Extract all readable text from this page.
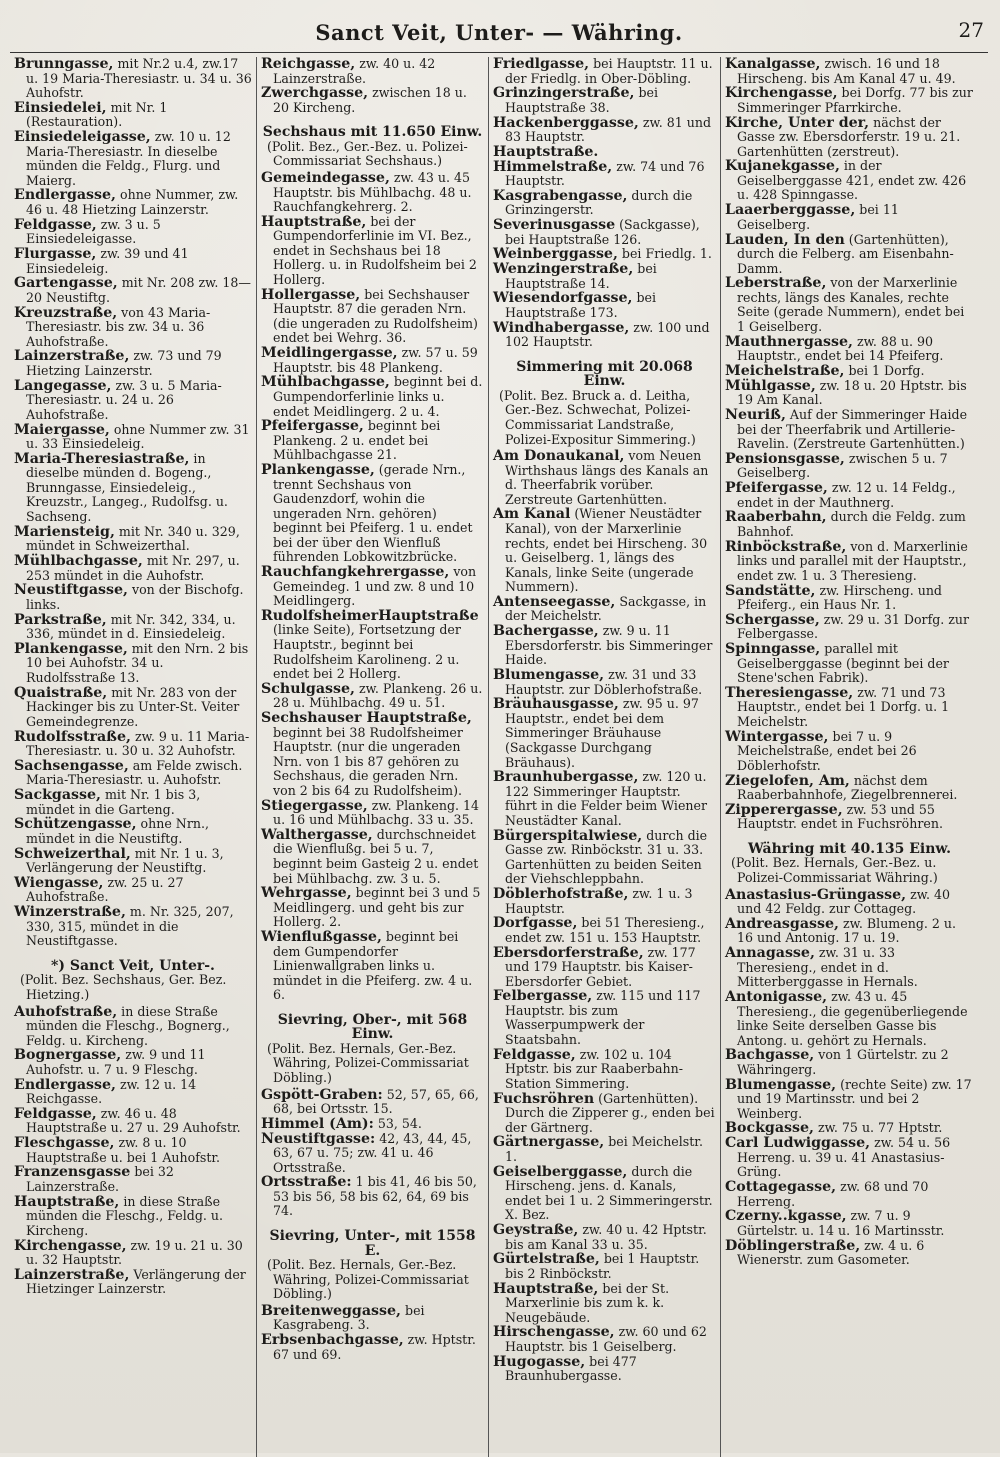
Sanct Veit, Unter- — Währing.	27
Brunngasse, mit Nr.2 u.4, zw.17 u. 19 Maria-Theresiastr. u. 34 u. 36 Auhofstr.
Einsiedelei, mit Nr. 1 (Restauration).
Einsiedeleigasse, zw. 10 u. 12 Maria-Theresiastr. In dieselbe münden die Feldg., Flurg. und Maierg.
Endlergasse, ohne Nummer, zw. 46 u. 48 Hietzing Lainzerstr.
Feldgasse, zw. 3 u. 5 Einsiedeleigasse.
Flurgasse, zw. 39 und 41 Einsiedeleig.
Gartengasse, mit Nr. 208 zw. 18—20 Neustiftg.
Kreuzstraße, von 43 Maria-Theresiastr. bis zw. 34 u. 36 Auhofstraße.
Lainzerstraße, zw. 73 und 79 Hietzing Lainzerstr.
Langegasse, zw. 3 u. 5 Maria-Theresiastr. u. 24 u. 26 Auhofstraße.
Maiergasse, ohne Nummer zw. 31 u. 33 Einsiedeleig.
Maria-Theresiastraße, in dieselbe münden d. Bogeng., Brunngasse, Einsiedeleig., Kreuzstr., Langeg., Rudolfsg. u. Sachseng.
Mariensteig, mit Nr. 340 u. 329, mündet in Schweizerthal.
Mühlbachgasse, mit Nr. 297, u. 253 mündet in die Auhofstr.
Neustiftgasse, von der Bischofg. links.
Parkstraße, mit Nr. 342, 334, u. 336, mündet in d. Einsiedeleig.
Plankengasse, mit den Nrn. 2 bis 10 bei Auhofstr. 34 u. Rudolfsstraße 13.
Quaistraße, mit Nr. 283 von der Hackinger bis zu Unter-St. Veiter Gemeindegrenze.
Rudolfsstraße, zw. 9 u. 11 Maria-Theresiastr. u. 30 u. 32 Auhofstr.
Sachsengasse, am Felde zwisch. Maria-Theresiastr. u. Auhofstr.
Sackgasse, mit Nr. 1 bis 3, mündet in die Garteng.
Schützengasse, ohne Nrn., mündet in die Neustiftg.
Schweizerthal, mit Nr. 1 u. 3, Verlängerung der Neustiftg.
Wiengasse, zw. 25 u. 27 Auhofstraße.
Winzerstraße, m. Nr. 325, 207, 330, 315, mündet in die Neustiftgasse.
*) Sanct Veit, Unter-.
(Polit. Bez. Sechshaus, Ger. Bez. Hietzing.)
Auhofstraße, in diese Straße münden die Fleschg., Bognerg., Feldg. u. Kircheng.
Bognergasse, zw. 9 und 11 Auhofstr. u. 7 u. 9 Fleschg.
Endlergasse, zw. 12 u. 14 Reichgasse.
Feldgasse, zw. 46 u. 48 Hauptstraße u. 27 u. 29 Auhofstr.
Fleschgasse, zw. 8 u. 10 Hauptstraße u. bei 1 Auhofstr.
Franzensgasse bei 32 Lainzerstraße.
Hauptstraße, in diese Straße münden die Fleschg., Feldg. u. Kircheng.
Kirchengasse, zw. 19 u. 21 u. 30 u. 32 Hauptstr.
Lainzerstraße, Verlängerung der Hietzinger Lainzerstr.
Reichgasse, zw. 40 u. 42 Lainzerstraße.
Zwerchgasse, zwischen 18 u. 20 Kircheng.
Sechshaus mit 11.650 Einw.
(Polit. Bez., Ger.-Bez. u. Polizei-Commissariat Sechshaus.)
Gemeindegasse, zw. 43 u. 45 Hauptstr. bis Mühlbachg. 48 u. Rauchfangkehrerg. 2.
Hauptstraße, bei der Gumpendorferlinie im VI. Bez., endet in Sechshaus bei 18 Hollerg. u. in Rudolfsheim bei 2 Hollerg.
Hollergasse, bei Sechshauser Hauptstr. 87 die geraden Nrn. (die ungeraden zu Rudolfsheim) endet bei Wehrg. 36.
Meidlingergasse, zw. 57 u. 59 Hauptstr. bis 48 Plankeng.
Mühlbachgasse, beginnt bei d. Gumpendorferlinie links u. endet Meidlingerg. 2 u. 4.
Pfeifergasse, beginnt bei Plankeng. 2 u. endet bei Mühlbachgasse 21.
Plankengasse, (gerade Nrn., trennt Sechshaus von Gaudenzdorf, wohin die ungeraden Nrn. gehören) beginnt bei Pfeiferg. 1 u. endet bei der über den Wienfluß führenden Lobkowitzbrücke.
Rauchfangkehrergasse, von Gemeindeg. 1 und zw. 8 und 10 Meidlingerg.
RudolfsheimerHauptstraße (linke Seite), Fortsetzung der Hauptstr., beginnt bei Rudolfsheim Karolineng. 2 u. endet bei 2 Hollerg.
Schulgasse, zw. Plankeng. 26 u. 28 u. Mühlbachg. 49 u. 51.
Sechshauser Hauptstraße, beginnt bei 38 Rudolfsheimer Hauptstr. (nur die ungeraden Nrn. von 1 bis 87 gehören zu Sechshaus, die geraden Nrn. von 2 bis 64 zu Rudolfsheim).
Stiegergasse, zw. Plankeng. 14 u. 16 und Mühlbachg. 33 u. 35.
Walthergasse, durchschneidet die Wienflußg. bei 5 u. 7, beginnt beim Gasteig 2 u. endet bei Mühlbachg. zw. 3 u. 5.
Wehrgasse, beginnt bei 3 und 5 Meidlingerg. und geht bis zur Hollerg. 2.
Wienflußgasse, beginnt bei dem Gumpendorfer Linienwallgraben links u. mündet in die Pfeiferg. zw. 4 u. 6.
Sievring, Ober-, mit 568 Einw.
(Polit. Bez. Hernals, Ger.-Bez. Währing, Polizei-Commissariat Döbling.)
Gspött-Graben: 52, 57, 65, 66, 68, bei Ortsstr. 15.
Himmel (Am): 53, 54.
Neustiftgasse: 42, 43, 44, 45, 63, 67 u. 75; zw. 41 u. 46 Ortsstraße.
Ortsstraße: 1 bis 41, 46 bis 50, 53 bis 56, 58 bis 62, 64, 69 bis 74.
Sievring, Unter-, mit 1558 E.
(Polit. Bez. Hernals, Ger.-Bez. Währing, Polizei-Commissariat Döbling.)
Breitenweggasse, bei Kasgrabeng. 3.
Erbsenbachgasse, zw. Hptstr. 67 und 69.
Friedlgasse, bei Hauptstr. 11 u. der Friedlg. in Ober-Döbling.
Grinzingerstraße, bei Hauptstraße 38.
Hackenberggasse, zw. 81 und 83 Hauptstr.
Hauptstraße.
Himmelstraße, zw. 74 und 76 Hauptstr.
Kasgrabengasse, durch die Grinzingerstr.
Severinusgasse (Sackgasse), bei Hauptstraße 126.
Weinberggasse, bei Friedlg. 1.
Wenzingerstraße, bei Hauptstraße 14.
Wiesendorfgasse, bei Hauptstraße 173.
Windhabergasse, zw. 100 und 102 Hauptstr.
Simmering mit 20.068 Einw.
(Polit. Bez. Bruck a. d. Leitha, Ger.-Bez. Schwechat, Polizei-Commissariat Landstraße, Polizei-Expositur Simmering.)
Am Donaukanal, vom Neuen Wirthshaus längs des Kanals an d. Theerfabrik vorüber. Zerstreute Gartenhütten.
Am Kanal (Wiener Neustädter Kanal), von der Marxerlinie rechts, endet bei Hirscheng. 30 u. Geiselberg. 1, längs des Kanals, linke Seite (ungerade Nummern).
Antenseegasse, Sackgasse, in der Meichelstr.
Bachergasse, zw. 9 u. 11 Ebersdorferstr. bis Simmeringer Haide.
Blumengasse, zw. 31 und 33 Hauptstr. zur Döblerhofstraße.
Bräuhausgasse, zw. 95 u. 97 Hauptstr., endet bei dem Simmeringer Bräuhause (Sackgasse Durchgang Bräuhaus).
Braunhubergasse, zw. 120 u. 122 Simmeringer Hauptstr. führt in die Felder beim Wiener Neustädter Kanal.
Bürgerspitalwiese, durch die Gasse zw. Rinböckstr. 31 u. 33. Gartenhütten zu beiden Seiten der Viehschleppbahn.
Döblerhofstraße, zw. 1 u. 3 Hauptstr.
Dorfgasse, bei 51 Theresieng., endet zw. 151 u. 153 Hauptstr.
Ebersdorferstraße, zw. 177 und 179 Hauptstr. bis Kaiser-Ebersdorfer Gebiet.
Felbergasse, zw. 115 und 117 Hauptstr. bis zum Wasserpumpwerk der Staatsbahn.
Feldgasse, zw. 102 u. 104 Hptstr. bis zur Raaberbahn-Station Simmering.
Fuchsröhren (Gartenhütten). Durch die Zipperer g., enden bei der Gärtnerg.
Gärtnergasse, bei Meichelstr. 1.
Geiselberggasse, durch die Hirscheng. jens. d. Kanals, endet bei 1 u. 2 Simmeringerstr. X. Bez.
Geystraße, zw. 40 u. 42 Hptstr. bis am Kanal 33 u. 35.
Gürtelstraße, bei 1 Hauptstr. bis 2 Rinböckstr.
Hauptstraße, bei der St. Marxerlinie bis zum k. k. Neugebäude.
Hirschengasse, zw. 60 und 62 Hauptstr. bis 1 Geiselberg.
Hugogasse, bei 477 Braunhubergasse.
Kanalgasse, zwisch. 16 und 18 Hirscheng. bis Am Kanal 47 u. 49.
Kirchengasse, bei Dorfg. 77 bis zur Simmeringer Pfarrkirche.
Kirche, Unter der, nächst der Gasse zw. Ebersdorferstr. 19 u. 21. Gartenhütten (zerstreut).
Kujanekgasse, in der Geiselberggasse 421, endet zw. 426 u. 428 Spinngasse.
Laaerberggasse, bei 11 Geiselberg.
Lauden, In den (Gartenhütten), durch die Felberg. am Eisenbahn-Damm.
Leberstraße, von der Marxerlinie rechts, längs des Kanales, rechte Seite (gerade Nummern), endet bei 1 Geiselberg.
Mauthnergasse, zw. 88 u. 90 Hauptstr., endet bei 14 Pfeiferg.
Meichelstraße, bei 1 Dorfg.
Mühlgasse, zw. 18 u. 20 Hptstr. bis 19 Am Kanal.
Neuriß, Auf der Simmeringer Haide bei der Theerfabrik und Artillerie-Ravelin. (Zerstreute Gartenhütten.)
Pensionsgasse, zwischen 5 u. 7 Geiselberg.
Pfeifergasse, zw. 12 u. 14 Feldg., endet in der Mauthnerg.
Raaberbahn, durch die Feldg. zum Bahnhof.
Rinböckstraße, von d. Marxerlinie links und parallel mit der Hauptstr., endet zw. 1 u. 3 Theresieng.
Sandstätte, zw. Hirscheng. und Pfeiferg., ein Haus Nr. 1.
Schergasse, zw. 29 u. 31 Dorfg. zur Felbergasse.
Spinngasse, parallel mit Geiselberggasse (beginnt bei der Stene'schen Fabrik).
Theresiengasse, zw. 71 und 73 Hauptstr., endet bei 1 Dorfg. u. 1 Meichelstr.
Wintergasse, bei 7 u. 9 Meichelstraße, endet bei 26 Döblerhofstr.
Ziegelofen, Am, nächst dem Raaberbahnhofe, Ziegelbrennerei.
Zipperergasse, zw. 53 und 55 Hauptstr. endet in Fuchsröhren.
Währing mit 40.135 Einw.
(Polit. Bez. Hernals, Ger.-Bez. u. Polizei-Commissariat Währing.)
Anastasius-Grüngasse, zw. 40 und 42 Feldg. zur Cottageg.
Andreasgasse, zw. Blumeng. 2 u. 16 und Antonig. 17 u. 19.
Annagasse, zw. 31 u. 33 Theresieng., endet in d. Mitterberggasse in Hernals.
Antonigasse, zw. 43 u. 45 Theresieng., die gegenüberliegende linke Seite derselben Gasse bis Antong. u. gehört zu Hernals.
Bachgasse, von 1 Gürtelstr. zu 2 Währingerg.
Blumengasse, (rechte Seite) zw. 17 und 19 Martinsstr. und bei 2 Weinberg.
Bockgasse, zw. 75 u. 77 Hptstr.
Carl Ludwiggasse, zw. 54 u. 56 Herreng. u. 39 u. 41 Anastasius-Grüng.
Cottagegasse, zw. 68 und 70 Herreng.
Czerny..kgasse, zw. 7 u. 9 Gürtelstr. u. 14 u. 16 Martinsstr.
Döblingerstraße, zw. 4 u. 6 Wienerstr. zum Gasometer.
